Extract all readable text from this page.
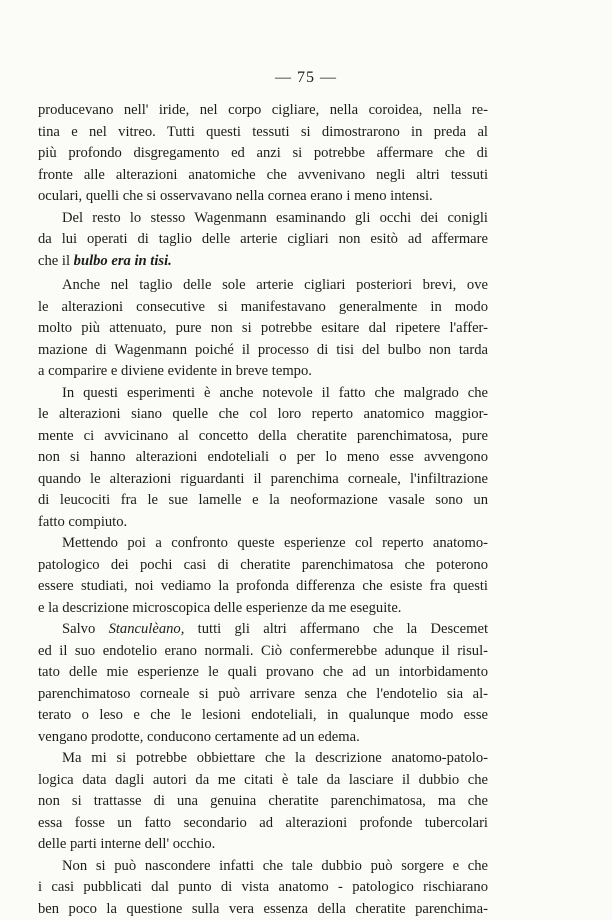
— 75 —
producevano nell' iride, nel corpo cigliare, nella coroidea, nella re-
tina e nel vitreo. Tutti questi tessuti si dimostrarono in preda al
più profondo disgregamento ed anzi si potrebbe affermare che di
fronte alle alterazioni anatomiche che avvenivano negli altri tessuti
oculari, quelli che si osservavano nella cornea erano i meno intensi.
Del resto lo stesso Wagenmann esaminando gli occhi dei conigli
da lui operati di taglio delle arterie cigliari non esitò ad affermare
che il bulbo era in tisi.
Anche nel taglio delle sole arterie cigliari posteriori brevi, ove
le alterazioni consecutive si manifestavano generalmente in modo
molto più attenuato, pure non si potrebbe esitare dal ripetere l'affer-
mazione di Wagenmann poiché il processo di tisi del bulbo non tarda
a comparire e diviene evidente in breve tempo.
In questi esperimenti è anche notevole il fatto che malgrado che
le alterazioni siano quelle che col loro reperto anatomico maggior-
mente ci avvicinano al concetto della cheratite parenchimatosa, pure
non si hanno alterazioni endoteliali o per lo meno esse avvengono
quando le alterazioni riguardanti il parenchima corneale, l'infiltrazione
di leucociti fra le sue lamelle e la neoformazione vasale sono un
fatto compiuto.
Mettendo poi a confronto queste esperienze col reperto anatomo-
patologico dei pochi casi di cheratite parenchimatosa che poterono
essere studiati, noi vediamo la profonda differenza che esiste fra questi
e la descrizione microscopica delle esperienze da me eseguite.
Salvo Stanculèano, tutti gli altri affermano che la Descemet
ed il suo endotelio erano normali. Ciò confermerebbe adunque il risul-
tato delle mie esperienze le quali provano che ad un intorbidamento
parenchimatoso corneale si può arrivare senza che l'endotelio sia al-
terato o leso e che le lesioni endoteliali, in qualunque modo esse
vengano prodotte, conducono certamente ad un edema.
Ma mi si potrebbe obbiettare che la descrizione anatomo-patolo-
logica data dagli autori da me citati è tale da lasciare il dubbio che
non si trattasse di una genuina cheratite parenchimatosa, ma che
essa fosse un fatto secondario ad alterazioni profonde tubercolari
delle parti interne dell' occhio.
Non si può nascondere infatti che tale dubbio può sorgere e che
i casi pubblicati dal punto di vista anatomo - patologico rischiarano
ben poco la questione sulla vera essenza della cheratite parenchima-
